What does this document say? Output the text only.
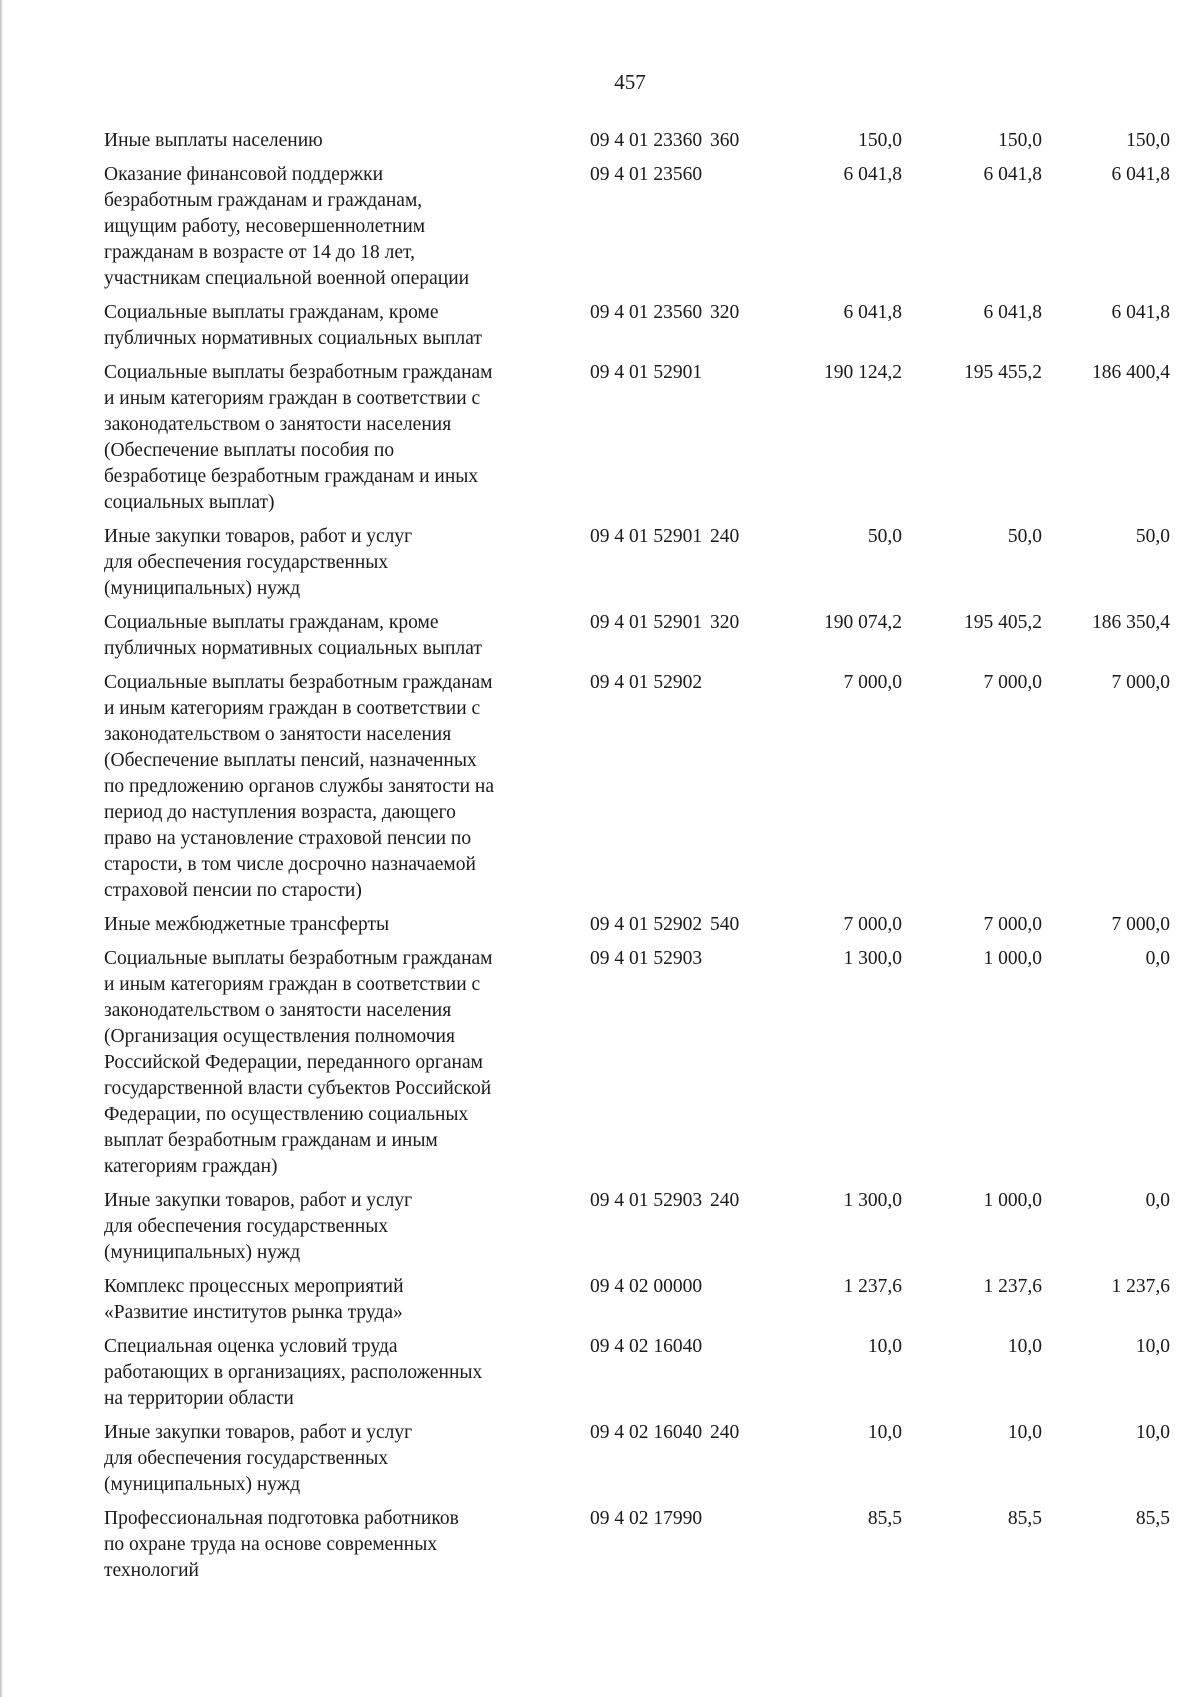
457
Иные выплаты населению	09 4 01 23360 360	150,0	150,0	150,0
Оказание финансовой поддержки
безработным гражданам и гражданам,
ищущим работу, несовершеннолетним
гражданам в возрасте от 14 до 18 лет,
участникам специальной военной операции
09 4 01 23560	6 041,8	6 041,8	6 041,8
Социальные выплаты гражданам, кроме
публичных нормативных социальных выплат
09 4 01 23560 320	6 041,8	6 041,8	6 041,8
Социальные выплаты безработным гражданам
и иным категориям граждан в соответствии с
законодательством о занятости населения
(Обеспечение выплаты пособия по
безработице безработным гражданам и иных
социальных выплат)
09 4 01 52901	190 124,2	195 455,2	186 400,4
Иные закупки товаров, работ и услуг
для обеспечения государственных
(муниципальных) нужд
09 4 01 52901 240	50,0	50,0	50,0
Социальные выплаты гражданам, кроме
публичных нормативных социальных выплат
09 4 01 52901 320	190 074,2	195 405,2	186 350,4
Социальные выплаты безработным гражданам
и иным категориям граждан в соответствии с
законодательством о занятости населения
(Обеспечение выплаты пенсий, назначенных
по предложению органов службы занятости на
период до наступления возраста, дающего
право на установление страховой пенсии по
старости, в том числе досрочно назначаемой
страховой пенсии по старости)
09 4 01 52902	7 000,0	7 000,0	7 000,0
Иные межбюджетные трансферты	09 4 01 52902 540	7 000,0	7 000,0	7 000,0
Социальные выплаты безработным гражданам
и иным категориям граждан в соответствии с
законодательством о занятости населения
(Организация осуществления полномочия
Российской Федерации, переданного органам
государственной власти субъектов Российской
Федерации, по осуществлению социальных
выплат безработным гражданам и иным
категориям граждан)
09 4 01 52903	1 300,0	1 000,0	0,0
Иные закупки товаров, работ и услуг
для обеспечения государственных
(муниципальных) нужд
09 4 01 52903 240	1 300,0	1 000,0	0,0
Комплекс процессных мероприятий
«Развитие институтов рынка труда»
09 4 02 00000	1 237,6	1 237,6	1 237,6
Специальная оценка условий труда
работающих в организациях, расположенных
на территории области
09 4 02 16040	10,0	10,0	10,0
Иные закупки товаров, работ и услуг
для обеспечения государственных
(муниципальных) нужд
09 4 02 16040 240	10,0	10,0	10,0
Профессиональная подготовка работников
по охране труда на основе современных
технологий
09 4 02 17990	85,5	85,5	85,5
